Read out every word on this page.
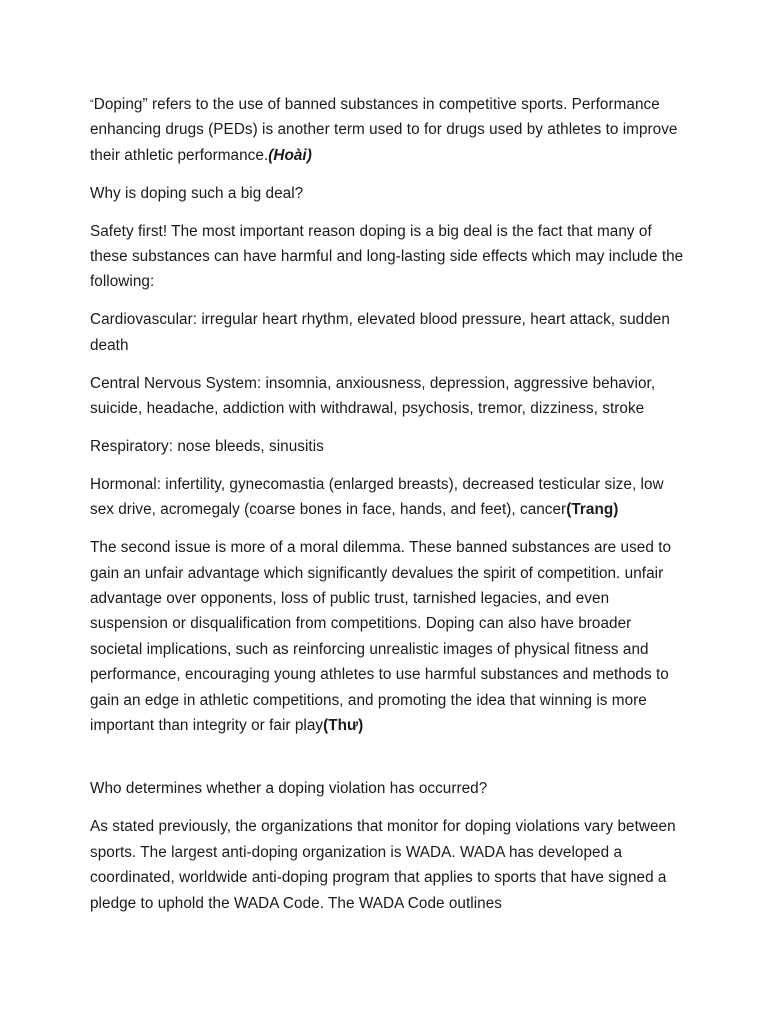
“Doping” refers to the use of banned substances in competitive sports. Performance enhancing drugs (PEDs) is another term used to for drugs used by athletes to improve their athletic performance.(Hoài)

Why is doping such a big deal?

Safety first! The most important reason doping is a big deal is the fact that many of these substances can have harmful and long-lasting side effects which may include the following:

Cardiovascular: irregular heart rhythm, elevated blood pressure, heart attack, sudden death

Central Nervous System: insomnia, anxiousness, depression, aggressive behavior, suicide, headache, addiction with withdrawal, psychosis, tremor, dizziness, stroke

Respiratory: nose bleeds, sinusitis

Hormonal: infertility, gynecomastia (enlarged breasts), decreased testicular size, low sex drive, acromegaly (coarse bones in face, hands, and feet), cancer(Trang)

The second issue is more of a moral dilemma. These banned substances are used to gain an unfair advantage which significantly devalues the spirit of competition. unfair advantage over opponents, loss of public trust, tarnished legacies, and even suspension or disqualification from competitions. Doping can also have broader societal implications, such as reinforcing unrealistic images of physical fitness and performance, encouraging young athletes to use harmful substances and methods to gain an edge in athletic competitions, and promoting the idea that winning is more important than integrity or fair play(Thư)

Who determines whether a doping violation has occurred?

As stated previously, the organizations that monitor for doping violations vary between sports. The largest anti-doping organization is WADA. WADA has developed a coordinated, worldwide anti-doping program that applies to sports that have signed a pledge to uphold the WADA Code. The WADA Code outlines
